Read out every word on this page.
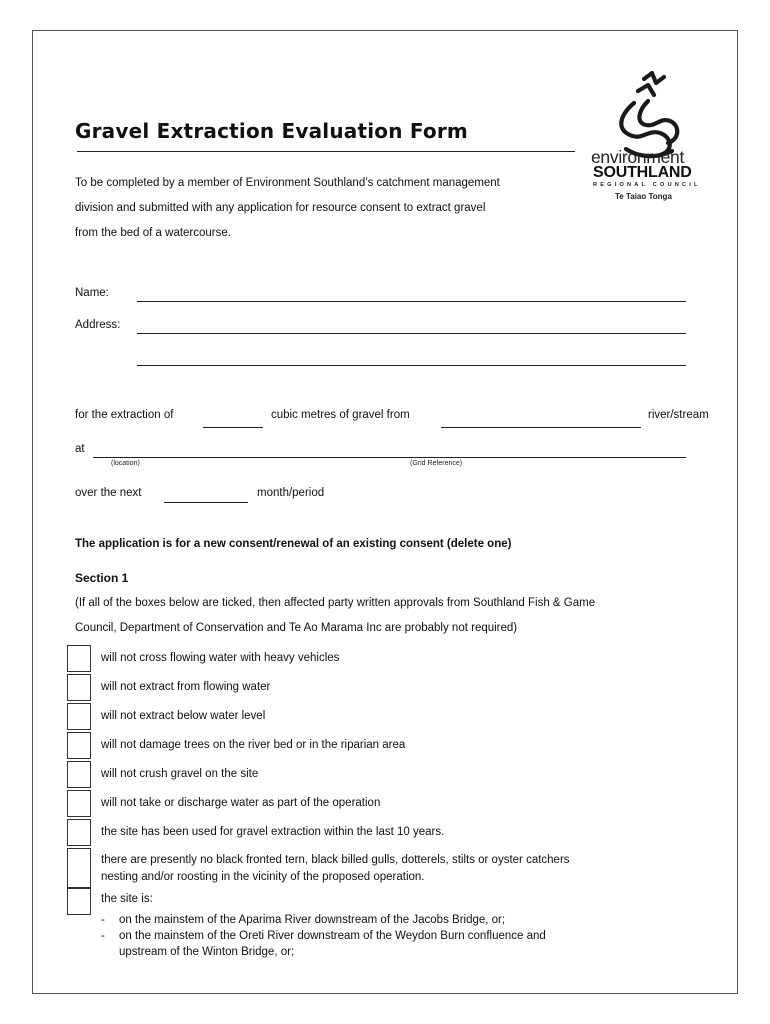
Gravel Extraction Evaluation Form
environment
SOUTHLAND
REGIONAL COUNCIL
Te Taiao Tonga
To be completed by a member of Environment Southland’s catchment management
division and submitted with any application for resource consent to extract gravel
from the bed of a watercourse.
Name:
Address:
for the extraction of	cubic metres of gravel from	river/stream
at
(location)	(Grid Reference)
over the next	month/period
The application is for a new consent/renewal of an existing consent (delete one)
Section 1
(If all of the boxes below are ticked, then affected party written approvals from Southland Fish & Game
Council, Department of Conservation and Te Ao Marama Inc are probably not required)
will not cross flowing water with heavy vehicles
will not extract from flowing water
will not extract below water level
will not damage trees on the river bed or in the riparian area
will not crush gravel on the site
will not take or discharge water as part of the operation
the site has been used for gravel extraction within the last 10 years.
there are presently no black fronted tern, black billed gulls, dotterels, stilts or oyster catchers
nesting and/or roosting in the vicinity of the proposed operation.
the site is:
- on the mainstem of the Aparima River downstream of the Jacobs Bridge, or;
- on the mainstem of the Oreti River downstream of the Weydon Burn confluence and
upstream of the Winton Bridge, or;
